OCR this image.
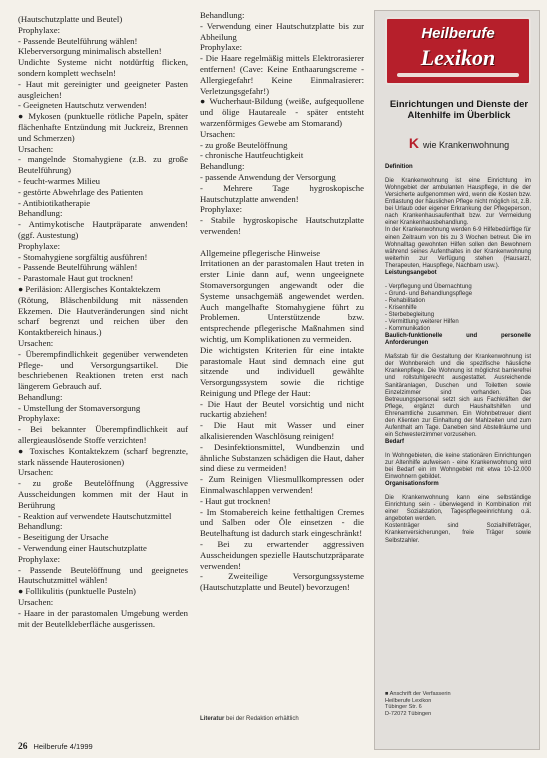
(Hautschutzplatte und Beutel)
Prophylaxe:
- Passende Beutelführung wählen!
Kleberversorgung minimalisch abstellen!
Undichte Systeme nicht notdürftig flicken, sondern komplett wechseln!
- Haut mit gereinigter und geeigneter Pasten ausgleichen!
- Geeigneten Hautschutz verwenden!
● Mykosen (punktuelle rötliche Papeln, später flächenhafte Entzündung mit Juckreiz, Brennen und Schmerzen)
Ursachen:
- mangelnde Stomahygiene (z.B. zu große Beutelführung)
- feucht-warmes Milieu
- gestörte Abwehrlage des Patienten
- Antibiotikatherapie
Behandlung:
- Antimykotische Hautpräparate anwenden! (ggf. Austestung)
Prophylaxe:
- Stomahygiene sorgfältig ausführen!
- Passende Beutelführung wählen!
- Parastomale Haut gut trocknen!
● Periläsion: Allergisches Kontaktekzem
(Rötung, Bläschenbildung mit nässenden Ekzemen. Die Hautveränderungen sind nicht scharf begrenzt und reichen über den Kontaktbereich hinaus.)
Ursachen:
- Überempfindlichkeit gegenüber verwendeten Pflege- und Versorgungsartikel. Die beschriebenen Reaktionen treten erst nach längerem Gebrauch auf.
Behandlung:
- Umstellung der Stomaversorgung
Prophylaxe:
- Bei bekannter Überempfindlichkeit auf allergieauslösende Stoffe verzichten!
● Toxisches Kontaktekzem (scharf begrenzte, stark nässende Hauterosionen)
Ursachen:
- zu große Beutelöffnung (Aggressive Ausscheidungen kommen mit der Haut in Berührung
- Reaktion auf verwendete Hautschutzmittel
Behandlung:
- Beseitigung der Ursache
- Verwendung einer Hautschutzplatte
Prophylaxe:
- Passende Beutelöffnung und geeignetes Hautschutzmittel wählen!
● Follikulitis (punktuelle Pusteln)
Ursachen:
- Haare in der parastomalen Umgebung werden mit der Beutelkleberfläche ausgerissen.
Behandlung:
- Verwendung einer Hautschutzplatte bis zur Abheilung
Prophylaxe:
- Die Haare regelmäßig mittels Elektrorasierer entfernen! (Cave: Keine Enthaarungscreme - Allergiegefahr! Keine Einmalrasierer: Verletzungsgefahr!)
● Wucherhaut-Bildung (weiße, aufgequollene und ölige Hautareale - später entsteht warzenförmiges Gewebe am Stomarand)
Ursachen:
- zu große Beutelöffnung
- chronische Hautfeuchtigkeit
Behandlung:
- passende Anwendung der Versorgung
- Mehrere Tage hygroskopische Hautschutzplatte anwenden!
Prophylaxe:
- Stabile hygroskopische Hautschutzplatte verwenden!

Allgemeine pflegerische Hinweise
Irritationen an der parastomalen Haut treten in erster Linie dann auf, wenn ungeeignete Stomaversorgungen angewandt oder die Systeme unsachgemäß angewendet werden. Auch mangelhafte Stomahygiene führt zu Problemen. Unterstützende bzw. entsprechende pflegerische Maßnahmen sind wichtig, um Komplikationen zu vermeiden.
Die wichtigsten Kriterien für eine intakte parastomale Haut sind demnach eine gut sitzende und individuell gewählte Versorgungssystem sowie die richtige Reinigung und Pflege der Haut:
- Die Haut der Beutel vorsichtig und nicht ruckartig abziehen!
- Die Haut mit Wasser und einer alkalisierenden Waschlösung reinigen!
- Desinfektionsmittel, Wundbenzin und ähnliche Substanzen schädigen die Haut, daher sind diese zu vermeiden!
- Zum Reinigen Vliesmullkompressen oder Einmalwaschlappen verwenden!
- Haut gut trocknen!
- Im Stomabereich keine fetthaltigen Cremes und Salben oder Öle einsetzen - die Beutelhaftung ist dadurch stark eingeschränkt!
- Bei zu erwartender aggressiven Ausscheidungen spezielle Hautschutzpräparate verwenden!
- Zweiteilige Versorgungssysteme (Hautschutzplatte und Beutel) bevorzugen!
Literatur bei der Redaktion erhältlich
Heilberufe
Lexikon
Einrichtungen und Dienste der Altenhilfe im Überblick
Kwie Krankenwohnung

Definition

Die Krankenwohnung ist eine Einrichtung im Wohngebiet der ambulanten Hauspflege, in die der Versicherte aufgenommen wird, wenn die Kosten bzw. Entlastung der häuslichen Pflege nicht möglich ist, z.B. bei Urlaub oder eigener Erkrankung der Pflegeperson, nach Krankenhausaufenthalt bzw. zur Vermeidung einer Krankenhausbehandlung.
In der Krankenwohnung werden 6-9 Hilfebedürftige für einen Zeitraum von bis zu 3 Wochen betreut. Die im Wohnalltag gewohnten Hilfen sollen den Bewohnern während seines Aufenthaltes in der Krankenwohnung weiterhin zur Verfügung stehen (Hausarzt, Therapeuten, Hauspflege, Nachbarn usw.).

Leistungsangebot

- Verpflegung und Übernachtung
- Grund- und Behandlungspflege
- Rehabilitation
- Krisenhilfe
- Sterbebegleitung
- Vermittlung weiterer Hilfen
- Kommunikation

Baulich-funktionelle und personelle Anforderungen

Maßstab für die Gestaltung der Krankenwohnung ist der Wohnbereich und die spezifische häusliche Krankenpflege. Die Wohnung ist möglichst barrierefrei und rollstuhlgerecht ausgestattet. Ausreichende Sanitäranlagen, Duschen und Toiletten sowie Einzelzimmer sind vorhanden. Das Betreuungspersonal setzt sich aus Fachkräften der Pflege, ergänzt durch Haushaltshilfen und Ehrenamtliche zusammen. Ein Wohnbetreuer dient den Klienten zur Einhaltung der Mahlzeiten und zum Aufenthalt am Tage. Daneben sind Abstellräume und ein Schwesterzimmer vorzusehen.

Bedarf

In Wohngebieten, die keine stationären Einrichtungen zur Altenhilfe aufweisen - eine Krankenwohnung wird bei Bedarf ein im Wohngebiet mit etwa 10-12.000 Einwohnern gebildet.

Organisationsform

Die Krankenwohnung kann eine selbständige Einrichtung sein - überwiegend in Kombination mit einer Sozialstation, Tagespflegeeinrichtung o.ä. angeboten werden.
Kostenträger sind Sozialhilfeträger, Krankenversicherungen, freie Träger sowie Selbstzahler.

■ Anschrift der Verfasserin
Heilberufe Lexikon
Tübinger Str. 6
D-72072 Tübingen
26 Heilberufe 4/1999
